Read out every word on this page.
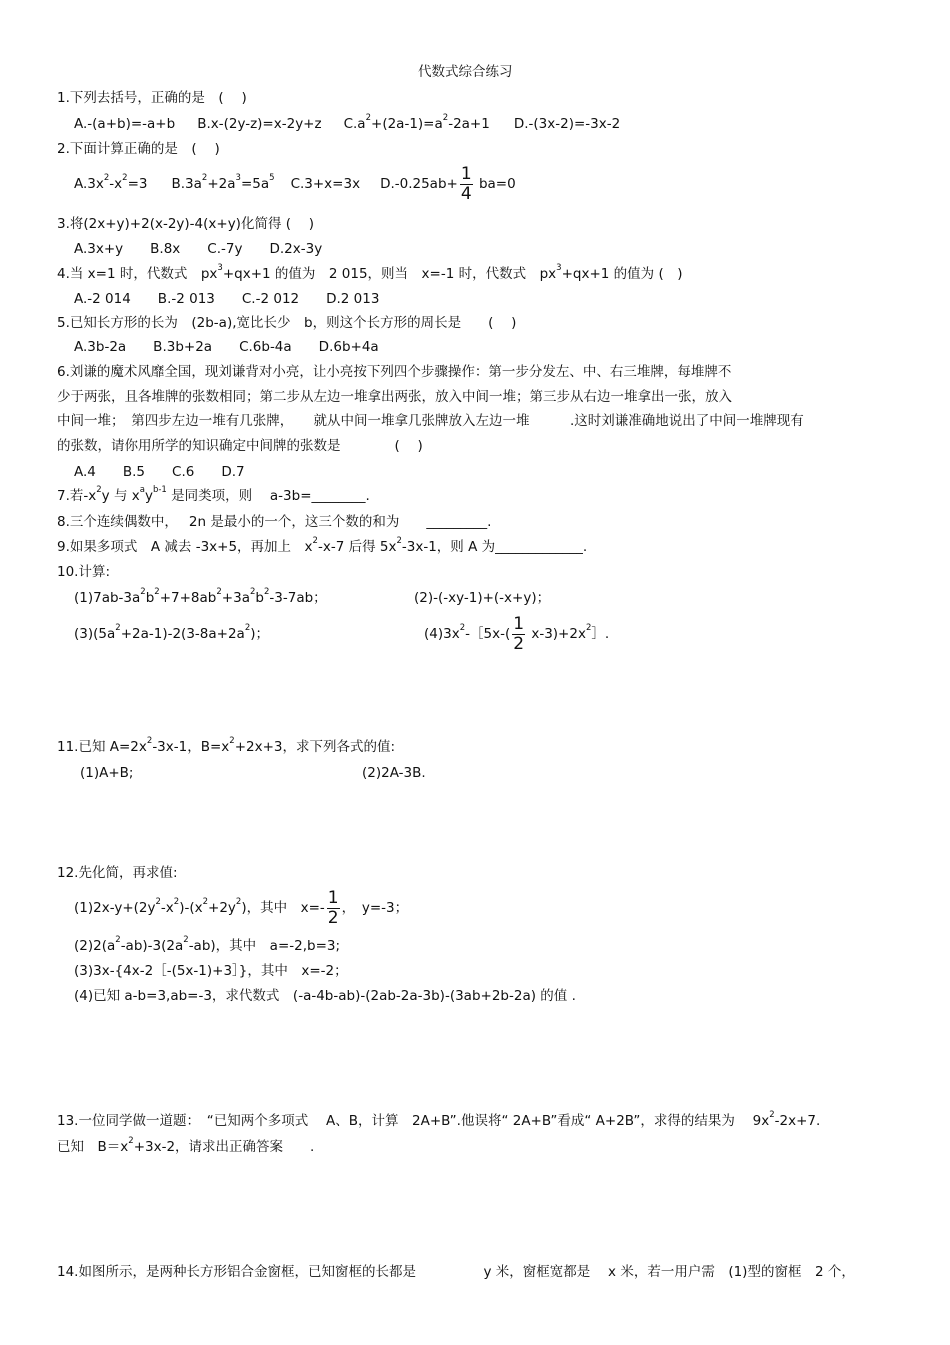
代数式综合练习
1.下列去括号，正确的是　( 　)
A.-(a+b)=-a+b B.x-(2y-z)=x-2y+z $C.a^2+(2a-1)=a^2-2a+1$ D.-(3x-2)=-3x-2
2.下面计算正确的是　( 　)
$A.3x^2-x^2=3$ $B.3a^2+2a^3=5a^5$ C.3+x=3x $D.-0.25ab+ \frac{1}{4} ba=0$
3.将(2x+y)+2(x-2y)-4(x+y)化简得 ( 　)
A.3x+y　　B.8x　　C.-7y　　D.2x-3y
4.当 x=1 时，代数式　$px^3+qx+1$ 的值为　2 015，则当　x=-1 时，代数式　$px^3+qx+1$ 的值为 (　)
A.-2 014　　B.-2 013　　C.-2 012　　D.2 013
5.已知长方形的长为　(2b-a),宽比长少　b，则这个长方形的周长是　　(　 )
A.3b-2a　　B.3b+2a　　C.6b-4a　　D.6b+4a
6.刘谦的魔术风靡全国，现刘谦背对小亮，让小亮按下列四个步骤操作：第一步分发左、中、右三堆牌，每堆牌不
少于两张，且各堆牌的张数相同；第二步从左边一堆拿出两张，放入中间一堆；第三步从右边一堆拿出一张，放入
中间一堆；　第四步左边一堆有几张牌，　　就从中间一堆拿几张牌放入左边一堆　　　.这时刘谦准确地说出了中间一堆牌现有
的张数，请你用所学的知识确定中间牌的张数是　　　　(　 )
A.4　　B.5　　C.6　　D.7
7.若$-x^2y$ 与 $x^ay^{b-1}$ 是同类项，则　 a-3b=________.
8.三个连续偶数中，　 2n 是最小的一个，这三个数的和为　　_________.
9.如果多项式　A 减去 -3x+5，再加上　$x^2-x-7$ 后得 $5x^2-3x-1$，则 A 为_____________.
10.计算:
$(1)7ab-3a^2b^2+7+8ab^2+3a^2b^2-3-7ab$；	(2)-(-xy-1)+(-x+y)；
$(3)(5a^2+2a-1)-2(3-8a+2a^2)$；	$(4)3x^2-[5x-( \frac{1}{2}$ $x-3)+2x^2]$.
11.已知 $A=2x^2-3x-1$，$B=x^2+2x+3$，求下列各式的值:
(1)A+B;	(2)2A-3B.
12.先化简，再求值:
$(1)2x-y+(2y^2-x^2)-(x^2+2y^2)$，其中　$x=- \frac{1}{2}$ ，　y=-3；
$(2)2(a^2-ab)-3(2a^2-ab)$，其中　a=-2,b=3;
(3)3x-{4x-2［-(5x-1)+3］}，其中　x=-2；
(4)已知 a-b=3,ab=-3，求代数式　(-a-4b-ab)-(2ab-2a-3b)-(3ab+2b-2a) 的值 .
13.一位同学做一道题：　“已知两个多项式　 A、B，计算　2A+B”.他误将“ 2A+B”看成“ A+2B”，求得的结果为　 $9x^2-2x+7$.
已知　$B=x^2+3x-2$，请求出正确答案　　.
14.如图所示，是两种长方形铝合金窗框，已知窗框的长都是　　　　　y 米，窗框宽都是　 x 米，若一用户需　(1)型的窗框　2 个，
